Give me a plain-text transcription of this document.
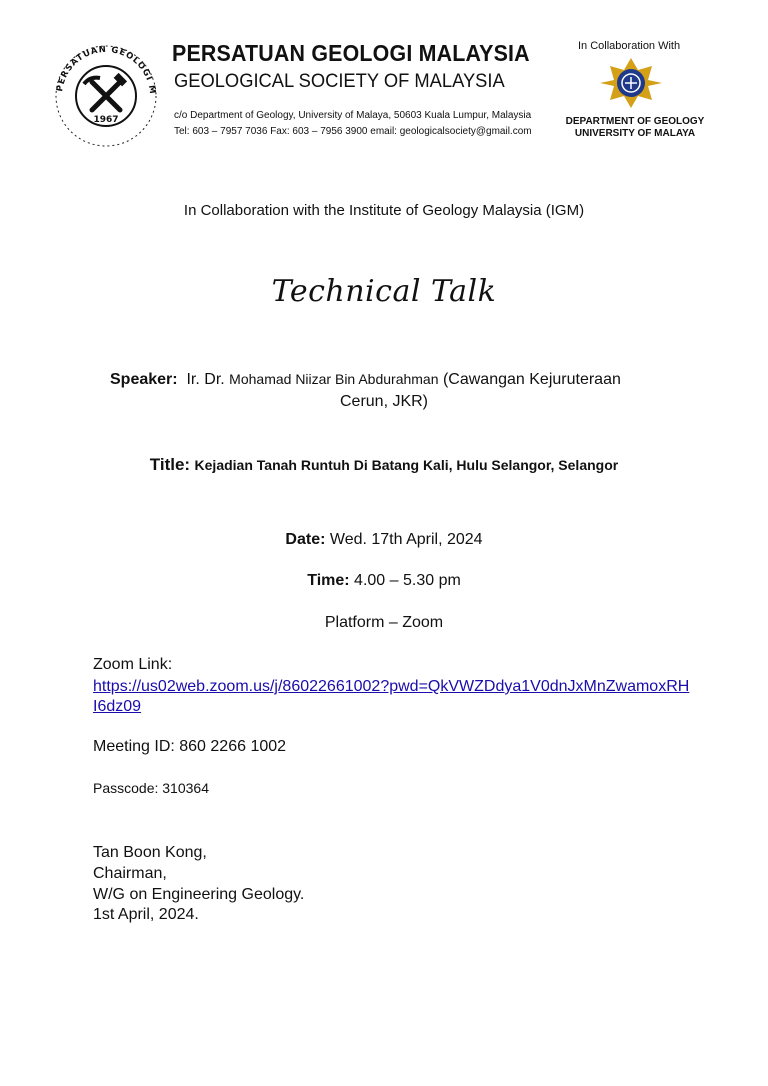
PERSATUAN GEOLOGI M
1967
PERSATUAN GEOLOGI MALAYSIA
GEOLOGICAL SOCIETY OF MALAYSIA
c/o Department of Geology, University of Malaya, 50603 Kuala Lumpur, Malaysia
Tel: 603 – 7957 7036 Fax: 603 – 7956 3900 email: geologicalsociety@gmail.com
In Collaboration With
DEPARTMENT OF GEOLOGY
UNIVERSITY OF MALAYA
In Collaboration with the Institute of Geology Malaysia (IGM)
Technical Talk
Speaker: Ir. Dr. Mohamad Niizar Bin Abdurahman (Cawangan Kejuruteraan
Cerun, JKR)
Title: Kejadian Tanah Runtuh Di Batang Kali, Hulu Selangor, Selangor
Date: Wed. 17th April, 2024
Time: 4.00 – 5.30 pm
Platform – Zoom
Zoom Link:
https://us02web.zoom.us/j/86022661002?pwd=QkVWZDdya1V0dnJxMnZwamoxRHI6dz09
Meeting ID: 860 2266 1002
Passcode: 310364
Tan Boon Kong,
Chairman,
W/G on Engineering Geology.
1st April, 2024.
